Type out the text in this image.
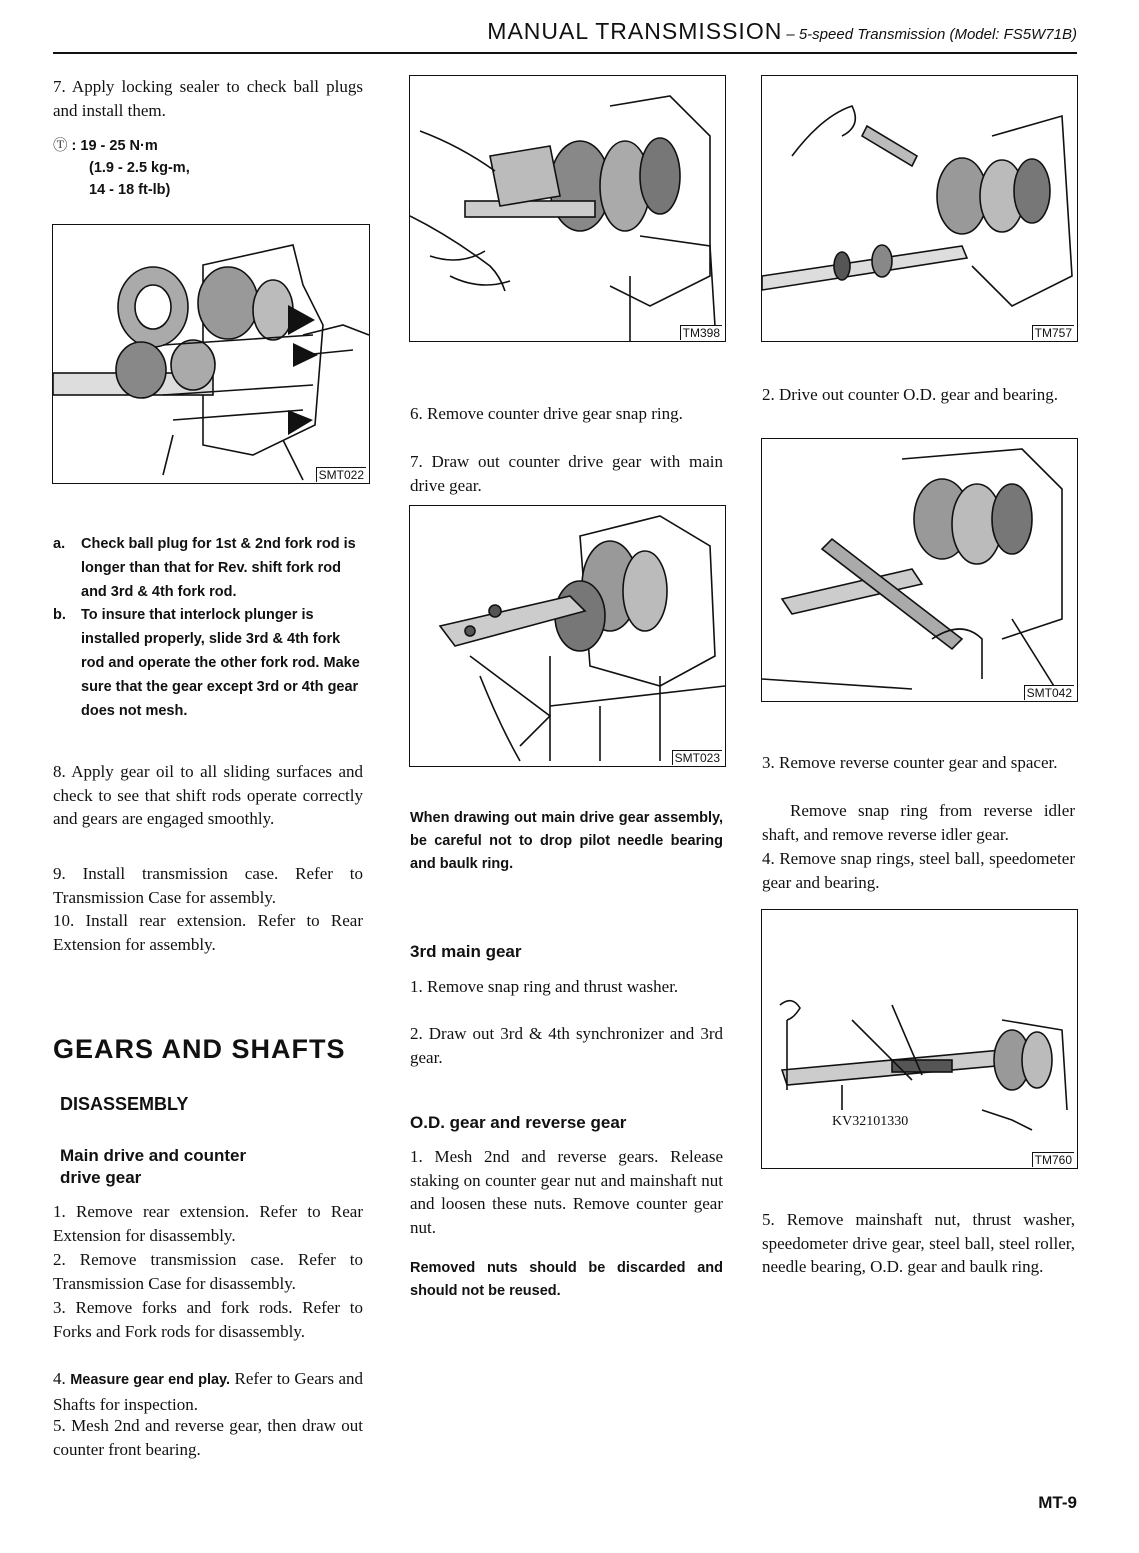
MANUAL TRANSMISSION – 5-speed Transmission (Model: FS5W71B)
7. Apply locking sealer to check ball plugs and install them.
Ⓣ : 19 - 25 N·m
(1.9 - 2.5 kg-m,
14 - 18 ft-lb)
SMT022
a. Check ball plug for 1st & 2nd fork rod is longer than that for Rev. shift fork rod and 3rd & 4th fork rod.
b. To insure that interlock plunger is installed properly, slide 3rd & 4th fork rod and operate the other fork rod. Make sure that the gear except 3rd or 4th gear does not mesh.
8. Apply gear oil to all sliding surfaces and check to see that shift rods operate correctly and gears are engaged smoothly.
9. Install transmission case. Refer to Transmission Case for assembly.
10. Install rear extension. Refer to Rear Extension for assembly.
GEARS AND SHAFTS
DISASSEMBLY
Main drive and counter
drive gear
1. Remove rear extension. Refer to Rear Extension for disassembly.
2. Remove transmission case. Refer to Transmission Case for disassembly.
3. Remove forks and fork rods. Refer to Forks and Fork rods for disassembly.
4. Measure gear end play. Refer to Gears and Shafts for inspection.
5. Mesh 2nd and reverse gear, then draw out counter front bearing.
TM398
6. Remove counter drive gear snap ring.
7. Draw out counter drive gear with main drive gear.
SMT023
When drawing out main drive gear assembly, be careful not to drop pilot needle bearing and baulk ring.
3rd main gear
1. Remove snap ring and thrust washer.
2. Draw out 3rd & 4th synchronizer and 3rd gear.
O.D. gear and reverse gear
1. Mesh 2nd and reverse gears. Release staking on counter gear nut and mainshaft nut and loosen these nuts. Remove counter gear nut.
Removed nuts should be discarded and should not be reused.
TM757
2. Drive out counter O.D. gear and bearing.
SMT042
3. Remove reverse counter gear and spacer.
Remove snap ring from reverse idler shaft, and remove reverse idler gear.
4. Remove snap rings, steel ball, speedometer gear and bearing.
KV32101330
TM760
5. Remove mainshaft nut, thrust washer, speedometer drive gear, steel ball, steel roller, needle bearing, O.D. gear and baulk ring.
MT-9
